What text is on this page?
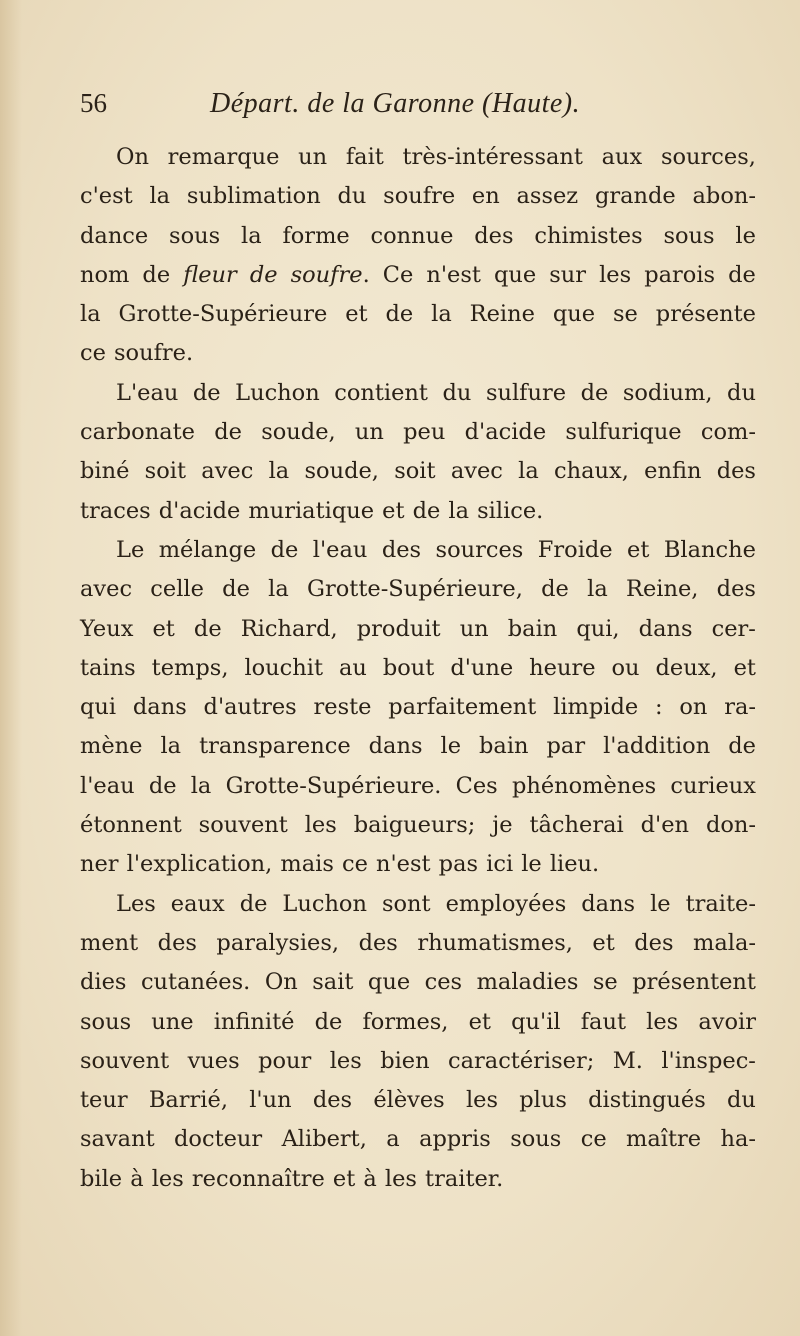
56	Départ. de la Garonne (Haute).
On remarque un fait très-intéressant aux sources,
c'est la sublimation du soufre en assez grande abon-
dance sous la forme connue des chimistes sous le
nom de fleur de soufre. Ce n'est que sur les parois de
la Grotte-Supérieure et de la Reine que se présente
ce soufre.
L'eau de Luchon contient du sulfure de sodium, du
carbonate de soude, un peu d'acide sulfurique com-
biné soit avec la soude, soit avec la chaux, enfin des
traces d'acide muriatique et de la silice.
Le mélange de l'eau des sources Froide et Blanche
avec celle de la Grotte-Supérieure, de la Reine, des
Yeux et de Richard, produit un bain qui, dans cer-
tains temps, louchit au bout d'une heure ou deux, et
qui dans d'autres reste parfaitement limpide : on ra-
mène la transparence dans le bain par l'addition de
l'eau de la Grotte-Supérieure. Ces phénomènes curieux
étonnent souvent les baigueurs; je tâcherai d'en don-
ner l'explication, mais ce n'est pas ici le lieu.
Les eaux de Luchon sont employées dans le traite-
ment des paralysies, des rhumatismes, et des mala-
dies cutanées. On sait que ces maladies se présentent
sous une infinité de formes, et qu'il faut les avoir
souvent vues pour les bien caractériser; M. l'inspec-
teur Barrié, l'un des élèves les plus distingués du
savant docteur Alibert, a appris sous ce maître ha-
bile à les reconnaître et à les traiter.
